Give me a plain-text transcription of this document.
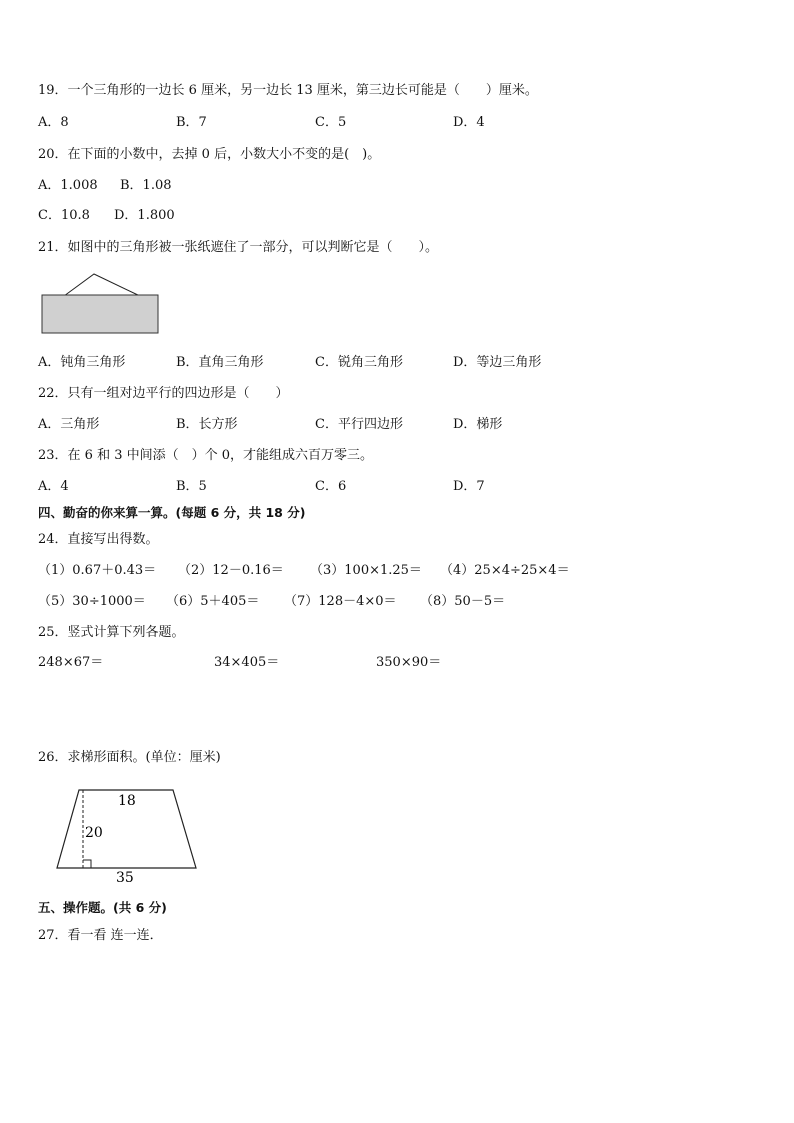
19．一个三角形的一边长 6 厘米，另一边长 13 厘米，第三边长可能是（　　）厘米。
A．8	B．7	C．5	D．4
20．在下面的小数中，去掉 0 后，小数大小不变的是(　)。
A．1.008 B．1.08
C．10.8 D．1.800
21．如图中的三角形被一张纸遮住了一部分，可以判断它是（　　）。
A．钝角三角形	B．直角三角形	C．锐角三角形	D．等边三角形
22．只有一组对边平行的四边形是（　　）
A．三角形	B．长方形	C．平行四边形	D．梯形
23．在 6 和 3 中间添（　）个 0，才能组成六百万零三。
A．4	B．5	C．6	D．7
四、勤奋的你来算一算。(每题 6 分，共 18 分)
24．直接写出得数。
（1）0.67＋0.43＝ （2）12－0.16＝ （3）100×1.25＝ （4）25×4÷25×4＝
（5）30÷1000＝ （6）5＋405＝ （7）128－4×0＝ （8）50－5＝
25．竖式计算下列各题。
248×67＝	34×405＝	350×90＝
26．求梯形面积。(单位：厘米)
18
20
35
五、操作题。(共 6 分)
27．看一看 连一连．
